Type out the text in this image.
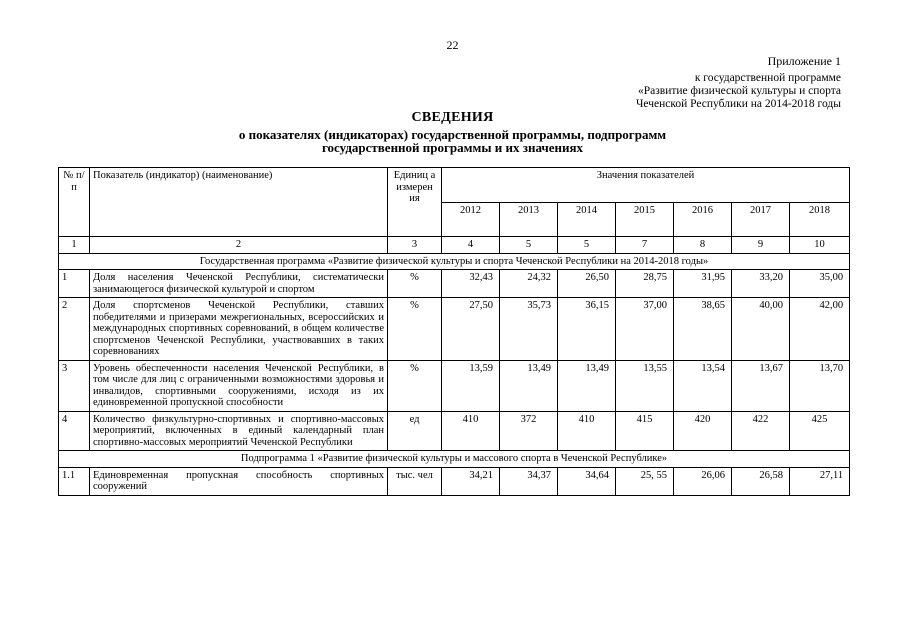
22
Приложение 1
к государственной программе
«Развитие физической культуры и спорта
Чеченской Республики на 2014-2018 годы
СВЕДЕНИЯ
о показателях (индикаторах) государственной программы, подпрограмм
государственной программы и их значениях
№ п/п	Показатель (индикатор) (наименование)	Единиц а измерен ия	Значения показателей						
			2012	2013	2014	2015	2016	2017	2018
1	2	3	4	5	5	7	8	9	10
Государственная программа «Развитие физической культуры и спорта Чеченской Республики на 2014-2018 годы»									
1	Доля населения Чеченской Республики, систематически занимающегося физической культурой и спортом	%	32,43	24,32	26,50	28,75	31,95	33,20	35,00
2	Доля спортсменов Чеченской Республики, ставших победителями и призерами межрегиональных, всероссийских и международных спортивных соревнований, в общем количестве спортсменов Чеченской Республики, участвовавших в таких соревнованиях	%	27,50	35,73	36,15	37,00	38,65	40,00	42,00
3	Уровень обеспеченности населения Чеченской Республики, в том числе для лиц с ограниченными возможностями здоровья и инвалидов, спортивными сооружениями, исходя из их единовременной пропускной способности	%	13,59	13,49	13,49	13,55	13,54	13,67	13,70
4	Количество физкультурно-спортивных и спортивно-массовых мероприятий, включенных в единый календарный план спортивно-массовых мероприятий Чеченской Республики	ед	410	372	410	415	420	422	425
Подпрограмма 1 «Развитие физической культуры и массового спорта в Чеченской Республике»									
1.1	Единовременная пропускная способность спортивных сооружений	тыс. чел	34,21	34,37	34,64	25, 55	26,06	26,58	27,11
